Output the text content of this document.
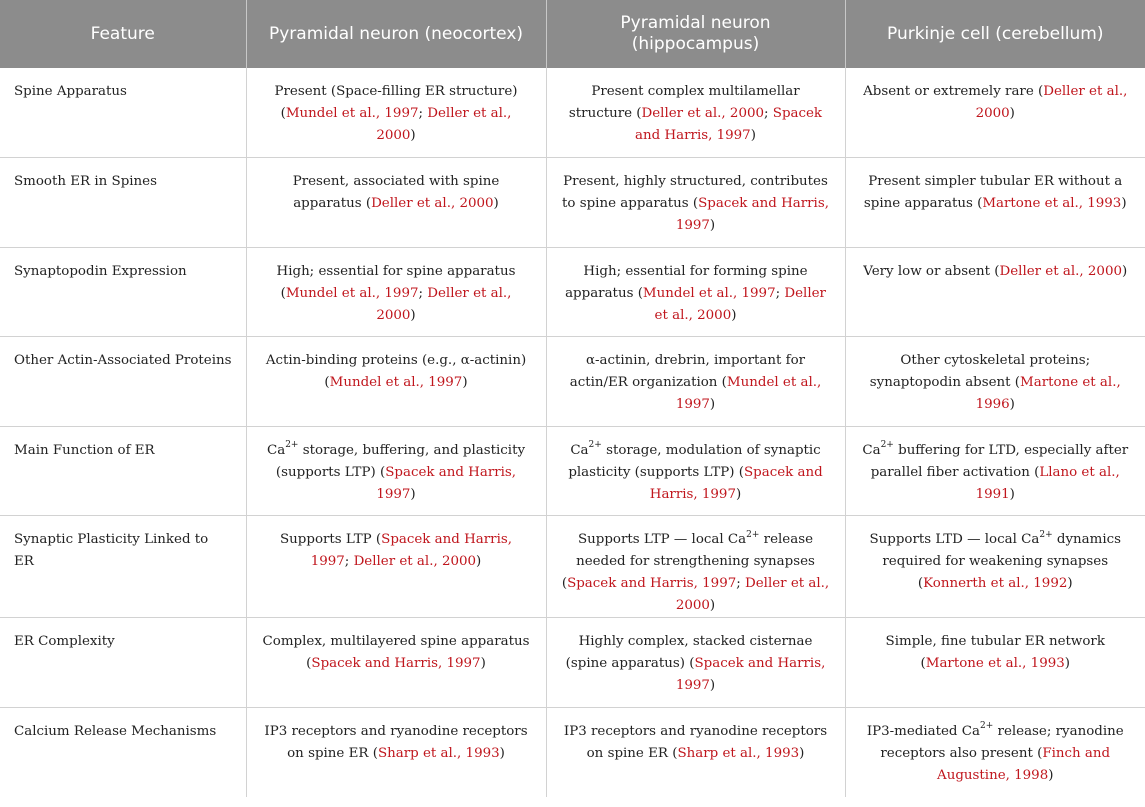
Feature	Pyramidal neuron (neocortex)	Pyramidal neuron (hippocampus)	Purkinje cell (cerebellum)
Spine Apparatus	Present (Space-filling ER structure) (Mundel et al., 1997; Deller et al., 2000)	Present complex multilamellar structure (Deller et al., 2000; Spacek and Harris, 1997)	Absent or extremely rare (Deller et al., 2000)
Smooth ER in Spines	Present, associated with spine apparatus (Deller et al., 2000)	Present, highly structured, contributes to spine apparatus (Spacek and Harris, 1997)	Present simpler tubular ER without a spine apparatus (Martone et al., 1993)
Synaptopodin Expression	High; essential for spine apparatus (Mundel et al., 1997; Deller et al., 2000)	High; essential for forming spine apparatus (Mundel et al., 1997; Deller et al., 2000)	Very low or absent (Deller et al., 2000)
Other Actin-Associated Proteins	Actin-binding proteins (e.g., α-actinin) (Mundel et al., 1997)	α-actinin, drebrin, important for actin/ER organization (Mundel et al., 1997)	Other cytoskeletal proteins; synaptopodin absent (Martone et al., 1996)
Main Function of ER	$Ca^{2+}$ storage, buffering, and plasticity (supports LTP) (Spacek and Harris, 1997)	$Ca^{2+}$ storage, modulation of synaptic plasticity (supports LTP) (Spacek and Harris, 1997)	$Ca^{2+}$ buffering for LTD, especially after parallel fiber activation (Llano et al., 1991)
Synaptic Plasticity Linked to ER	Supports LTP (Spacek and Harris, 1997; Deller et al., 2000)	Supports LTP — local $Ca^{2+}$ release needed for strengthening synapses (Spacek and Harris, 1997; Deller et al., 2000)	Supports LTD — local $Ca^{2+}$ dynamics required for weakening synapses (Konnerth et al., 1992)
ER Complexity	Complex, multilayered spine apparatus (Spacek and Harris, 1997)	Highly complex, stacked cisternae (spine apparatus) (Spacek and Harris, 1997)	Simple, fine tubular ER network (Martone et al., 1993)
Calcium Release Mechanisms	IP3 receptors and ryanodine receptors on spine ER (Sharp et al., 1993)	IP3 receptors and ryanodine receptors on spine ER (Sharp et al., 1993)	IP3-mediated $Ca^{2+}$ release; ryanodine receptors also present (Finch and Augustine, 1998)
